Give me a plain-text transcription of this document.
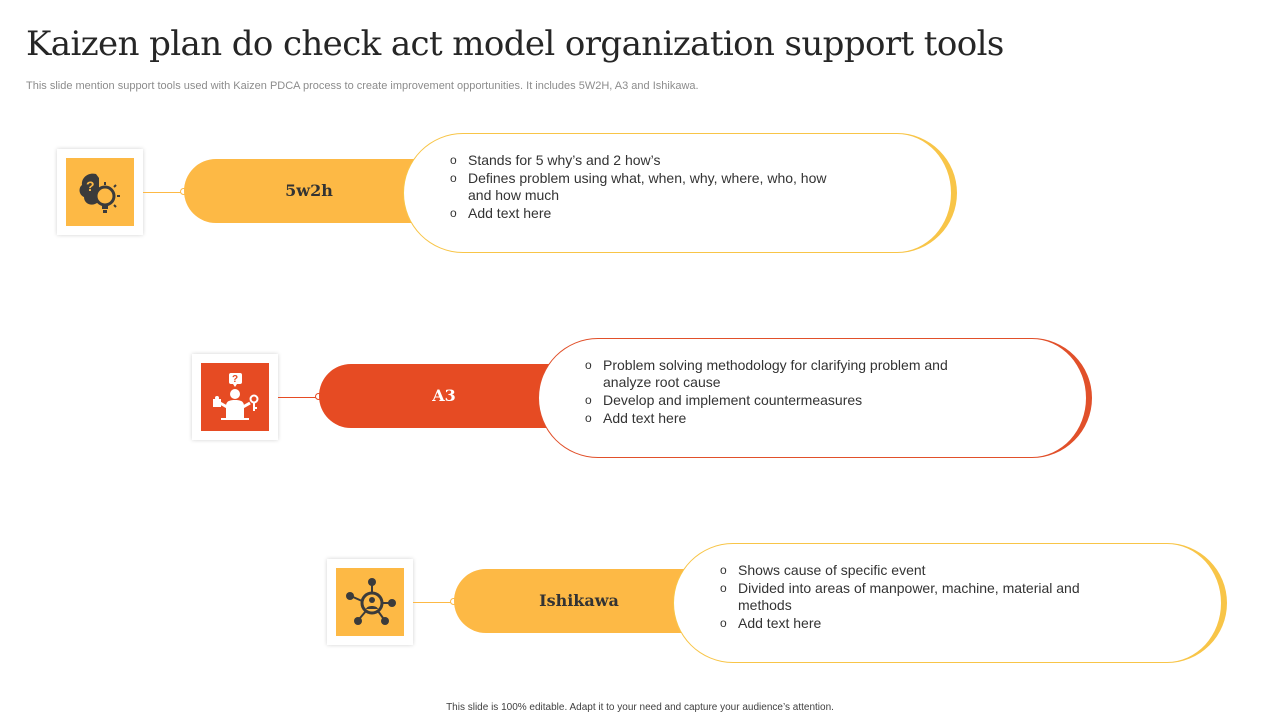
Kaizen plan do check act model organization support tools
This slide mention support tools used with Kaizen PDCA process to create improvement opportunities. It includes 5W2H, A3 and Ishikawa.
?	5w2h
o Stands for 5 why’s and 2 how’s
o Defines problem using what, when, why, where, who, how and how much
o Add text here
?
A3
o Problem solving methodology for clarifying problem and analyze root cause
o Develop and implement countermeasures
o Add text here
Ishikawa
o Shows cause of specific event
o Divided into areas of manpower, machine, material and methods
o Add text here
This slide is 100% editable. Adapt it to your need and capture your audience’s attention.
